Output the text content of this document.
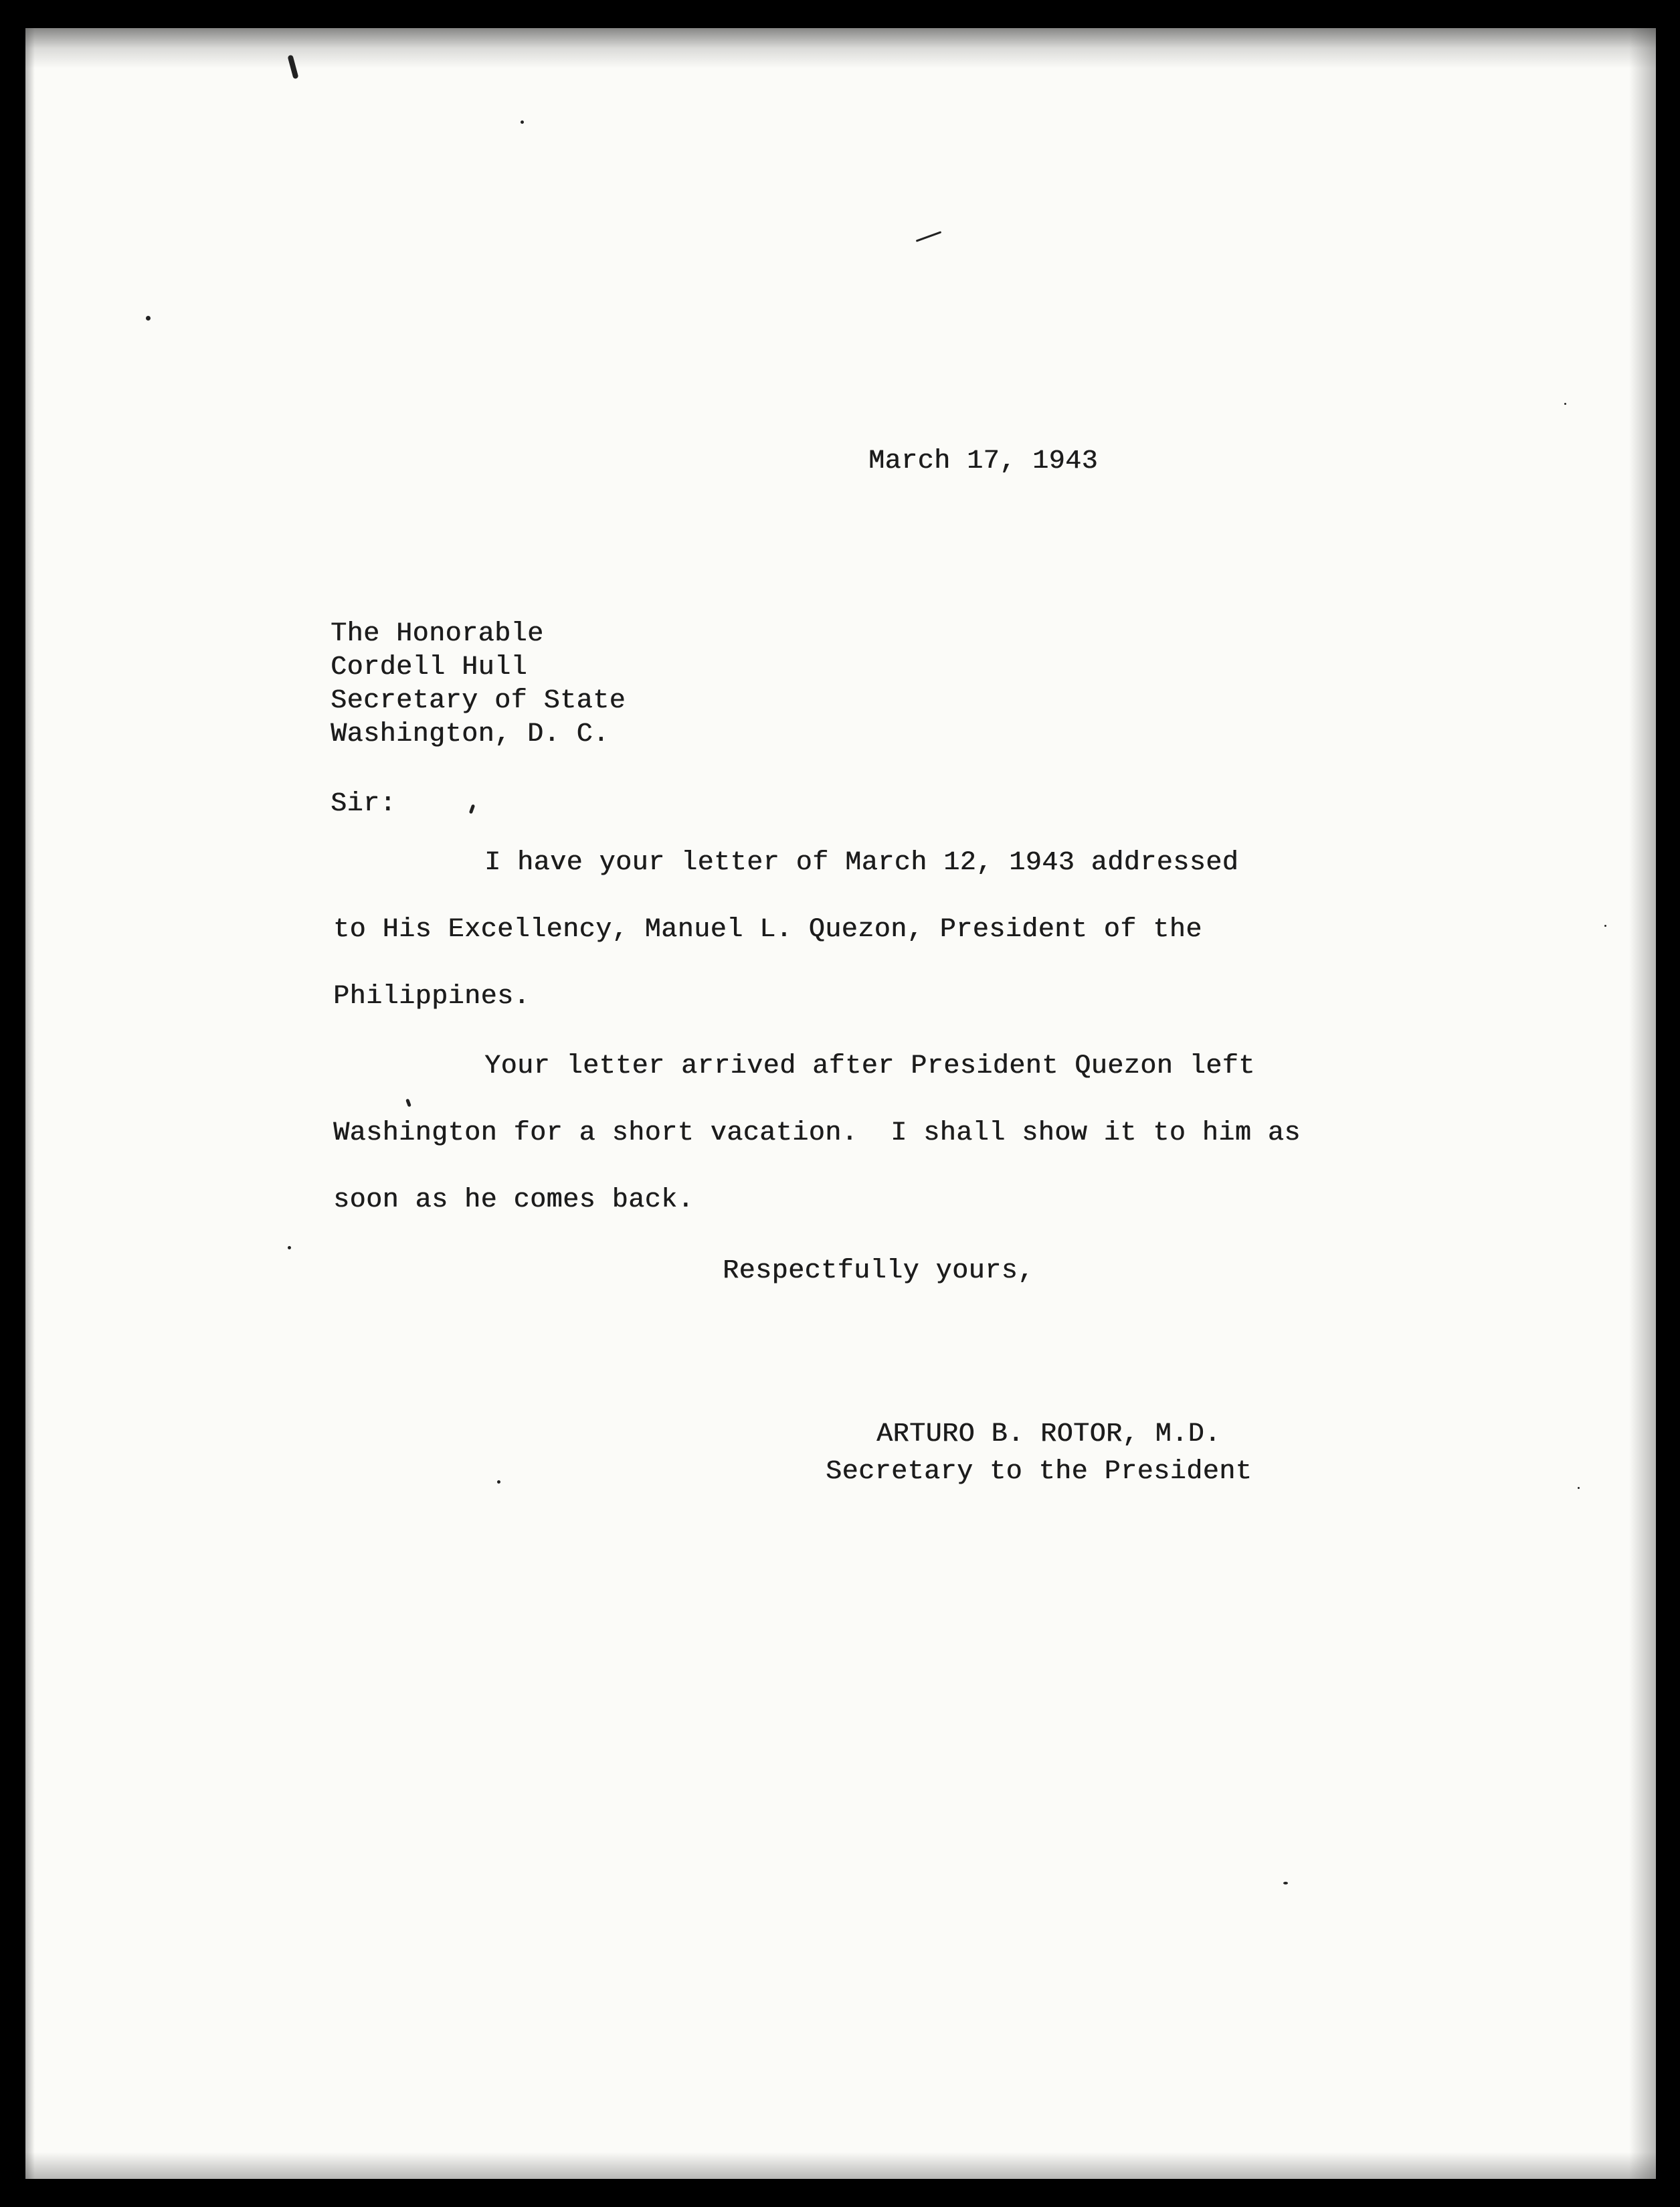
March 17, 1943
The Honorable
Cordell Hull
Secretary of State
Washington, D. C.
Sir:
I have your letter of March 12, 1943 addressed
to His Excellency, Manuel L. Quezon, President of the
Philippines.
Your letter arrived after President Quezon left
Washington for a short vacation.  I shall show it to him as
soon as he comes back.
Respectfully yours,
ARTURO B. ROTOR, M.D.
Secretary to the President
